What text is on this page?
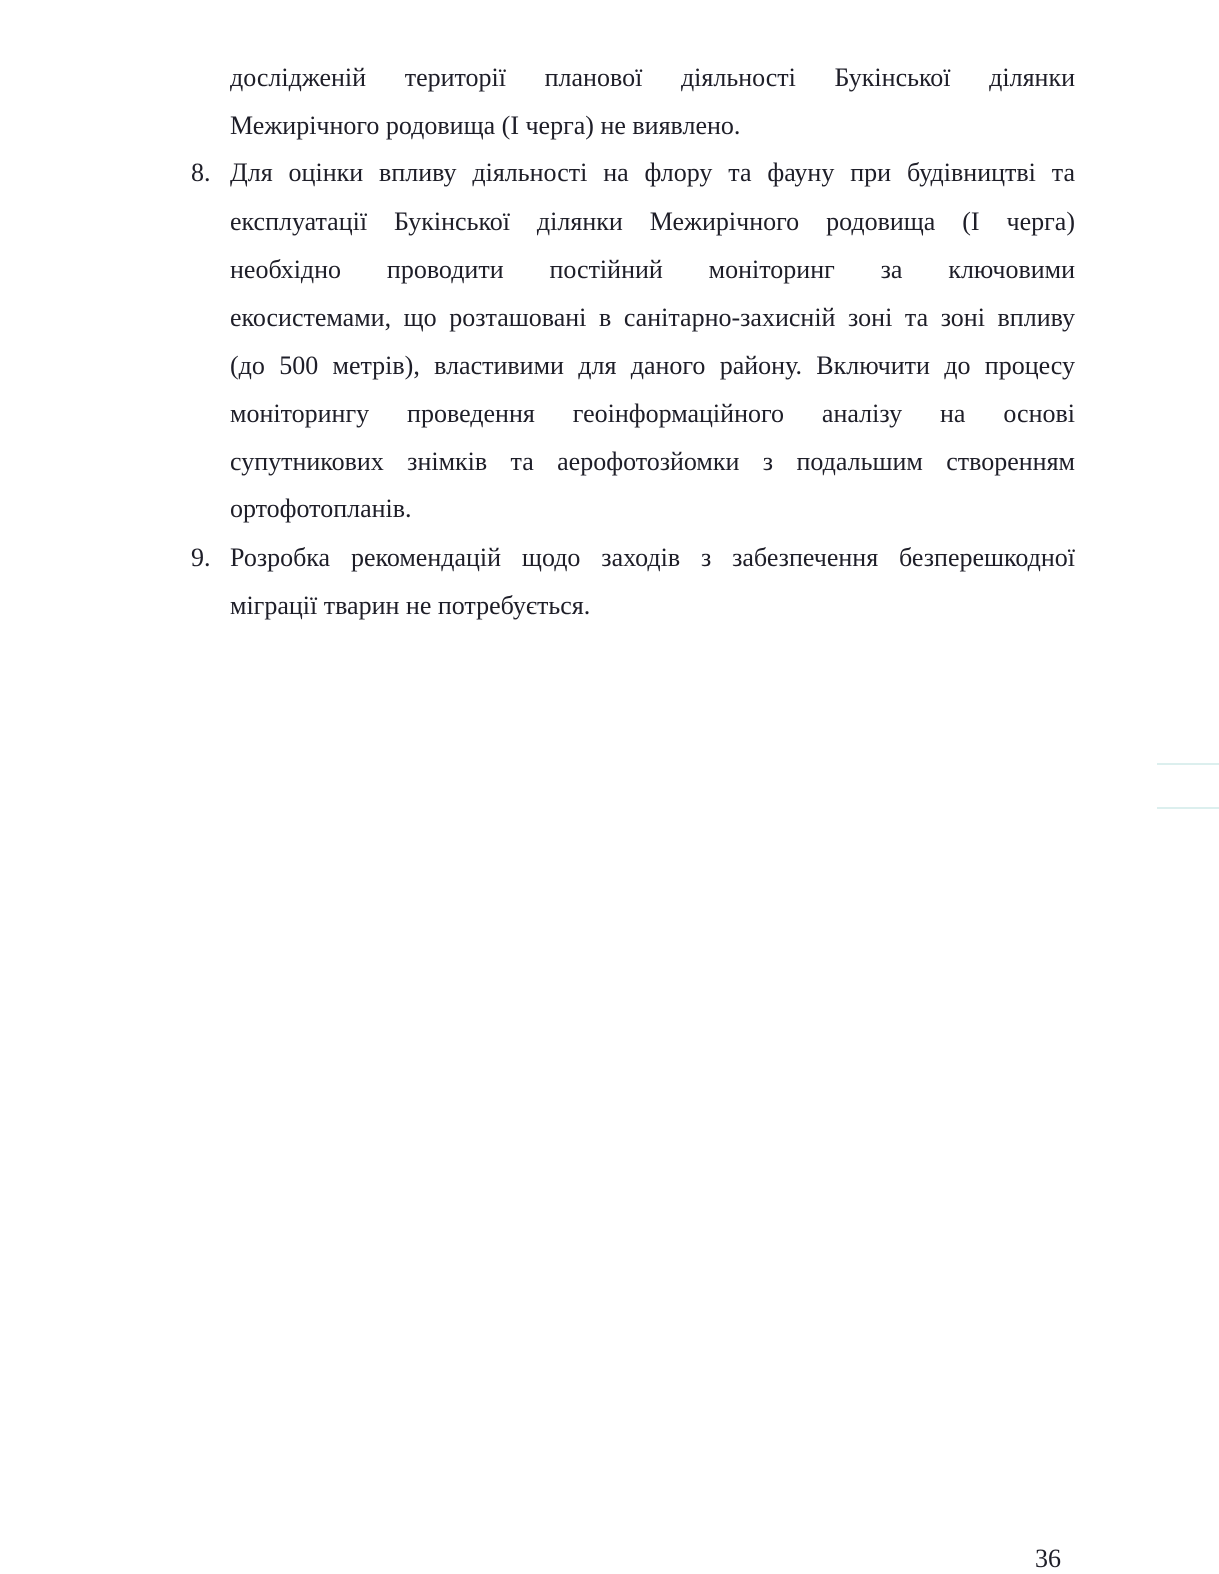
дослідженій території планової діяльності Букінської ділянки
Межирічного родовища (І черга) не виявлено.
8. Для оцінки впливу діяльності на флору та фауну при будівництві та
експлуатації Букінської ділянки Межирічного родовища (І черга)
необхідно проводити постійний моніторинг за ключовими
екосистемами, що розташовані в санітарно-захисній зоні та зоні впливу
(до 500 метрів), властивими для даного району. Включити до процесу
моніторингу проведення геоінформаційного аналізу на основі
супутникових знімків та аерофотозйомки з подальшим створенням
ортофотопланів.
9. Розробка рекомендацій щодо заходів з забезпечення безперешкодної
міграції тварин не потребується.
36
